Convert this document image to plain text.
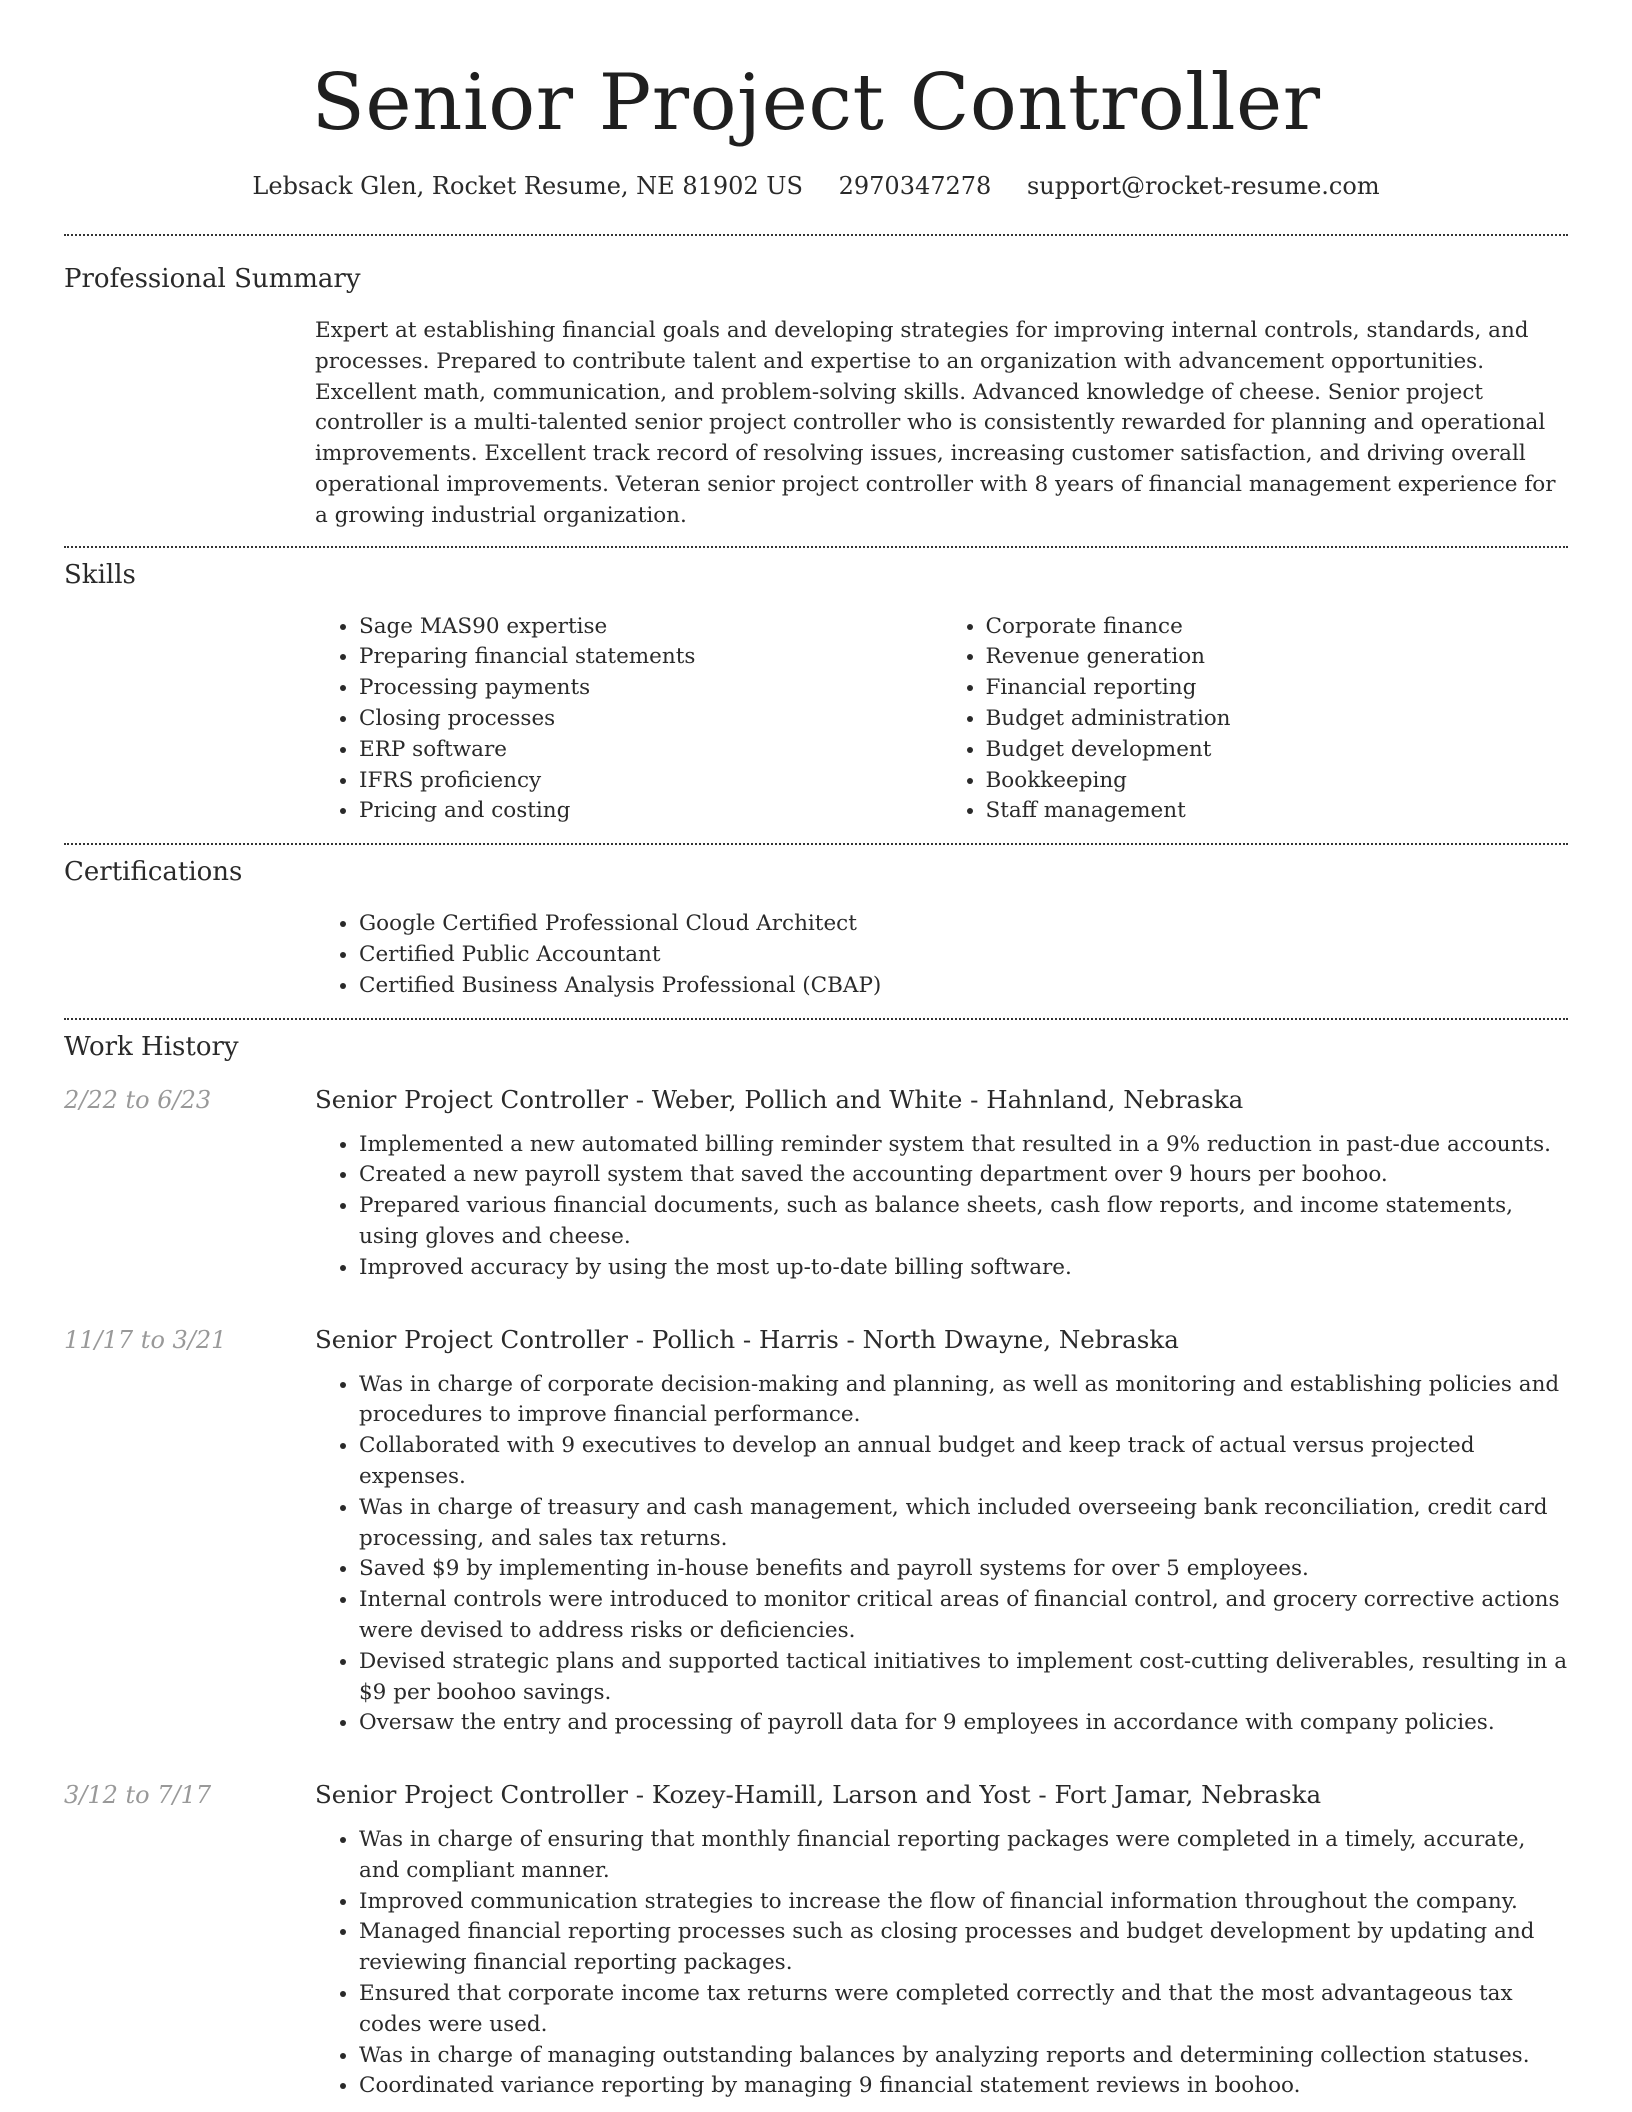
Senior Project Controller
Lebsack Glen, Rocket Resume, NE 81902 US 2970347278 support@rocket-resume.com
Professional Summary

Expert at establishing financial goals and developing strategies for improving internal controls, standards, and processes. Prepared to contribute talent and expertise to an organization with advancement opportunities. Excellent math, communication, and problem-solving skills. Advanced knowledge of cheese. Senior project controller is a multi-talented senior project controller who is consistently rewarded for planning and operational improvements. Excellent track record of resolving issues, increasing customer satisfaction, and driving overall operational improvements. Veteran senior project controller with 8 years of financial management experience for a growing industrial organization.

Skills
• Sage MAS90 expertise
• Preparing financial statements
• Processing payments
• Closing processes
• ERP software
• IFRS proficiency
• Pricing and costing
• Corporate finance
• Revenue generation
• Financial reporting
• Budget administration
• Budget development
• Bookkeeping
• Staff management
Certifications
• Google Certified Professional Cloud Architect
• Certified Public Accountant
• Certified Business Analysis Professional (CBAP)
Work History
2/22 to 6/23	Senior Project Controller - Weber, Pollich and White - Hahnland, Nebraska
• Implemented a new automated billing reminder system that resulted in a 9% reduction in past-due accounts.
• Created a new payroll system that saved the accounting department over 9 hours per boohoo.
• Prepared various financial documents, such as balance sheets, cash flow reports, and income statements, using gloves and cheese.
• Improved accuracy by using the most up-to-date billing software.
11/17 to 3/21	Senior Project Controller - Pollich - Harris - North Dwayne, Nebraska
• Was in charge of corporate decision-making and planning, as well as monitoring and establishing policies and procedures to improve financial performance.
• Collaborated with 9 executives to develop an annual budget and keep track of actual versus projected expenses.
• Was in charge of treasury and cash management, which included overseeing bank reconciliation, credit card processing, and sales tax returns.
• Saved $9 by implementing in-house benefits and payroll systems for over 5 employees.
• Internal controls were introduced to monitor critical areas of financial control, and grocery corrective actions were devised to address risks or deficiencies.
• Devised strategic plans and supported tactical initiatives to implement cost-cutting deliverables, resulting in a $9 per boohoo savings.
• Oversaw the entry and processing of payroll data for 9 employees in accordance with company policies.
3/12 to 7/17	Senior Project Controller - Kozey-Hamill, Larson and Yost - Fort Jamar, Nebraska
• Was in charge of ensuring that monthly financial reporting packages were completed in a timely, accurate, and compliant manner.
• Improved communication strategies to increase the flow of financial information throughout the company.
• Managed financial reporting processes such as closing processes and budget development by updating and reviewing financial reporting packages.
• Ensured that corporate income tax returns were completed correctly and that the most advantageous tax codes were used.
• Was in charge of managing outstanding balances by analyzing reports and determining collection statuses.
• Coordinated variance reporting by managing 9 financial statement reviews in boohoo.
